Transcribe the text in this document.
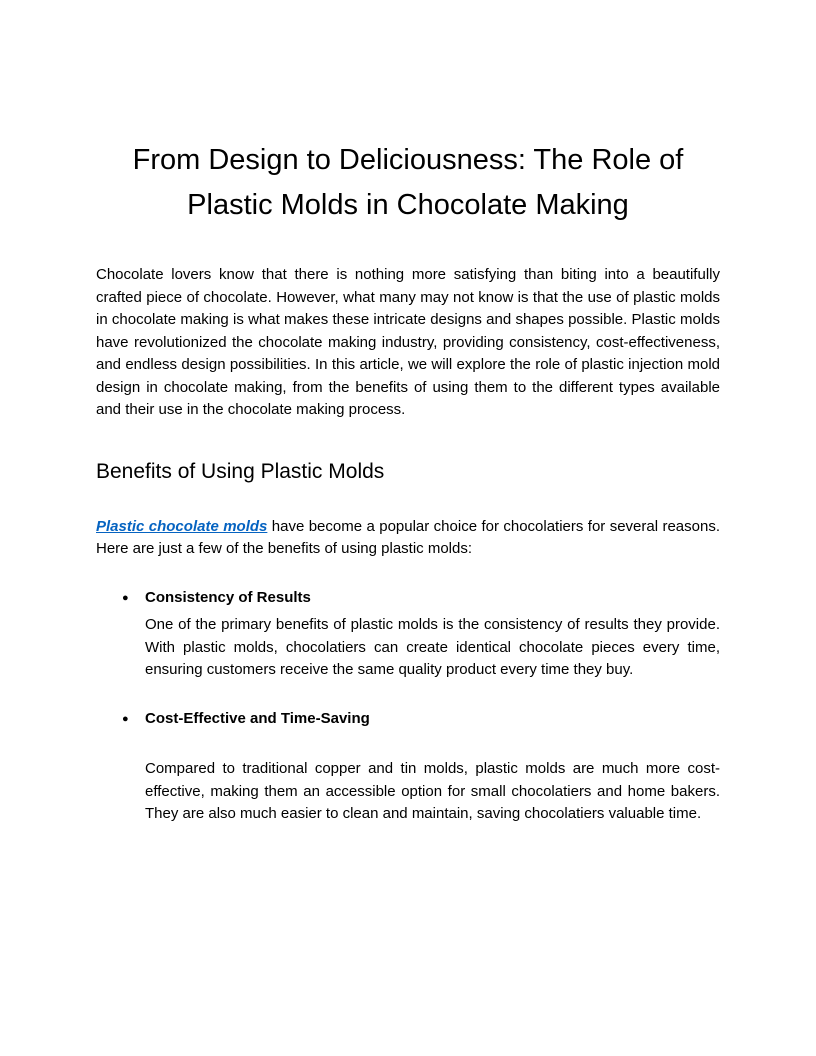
From Design to Deliciousness: The Role of
Plastic Molds in Chocolate Making

Chocolate lovers know that there is nothing more satisfying than biting into a beautifully crafted piece of chocolate. However, what many may not know is that the use of plastic molds in chocolate making is what makes these intricate designs and shapes possible. Plastic molds have revolutionized the chocolate making industry, providing consistency, cost-effectiveness, and endless design possibilities. In this article, we will explore the role of plastic injection mold design in chocolate making, from the benefits of using them to the different types available and their use in the chocolate making process.

Benefits of Using Plastic Molds

Plastic chocolate molds have become a popular choice for chocolatiers for several reasons. Here are just a few of the benefits of using plastic molds:

● Consistency of Results

One of the primary benefits of plastic molds is the consistency of results they provide. With plastic molds, chocolatiers can create identical chocolate pieces every time, ensuring customers receive the same quality product every time they buy.

● Cost-Effective and Time-Saving

Compared to traditional copper and tin molds, plastic molds are much more cost-effective, making them an accessible option for small chocolatiers and home bakers. They are also much easier to clean and maintain, saving chocolatiers valuable time.
